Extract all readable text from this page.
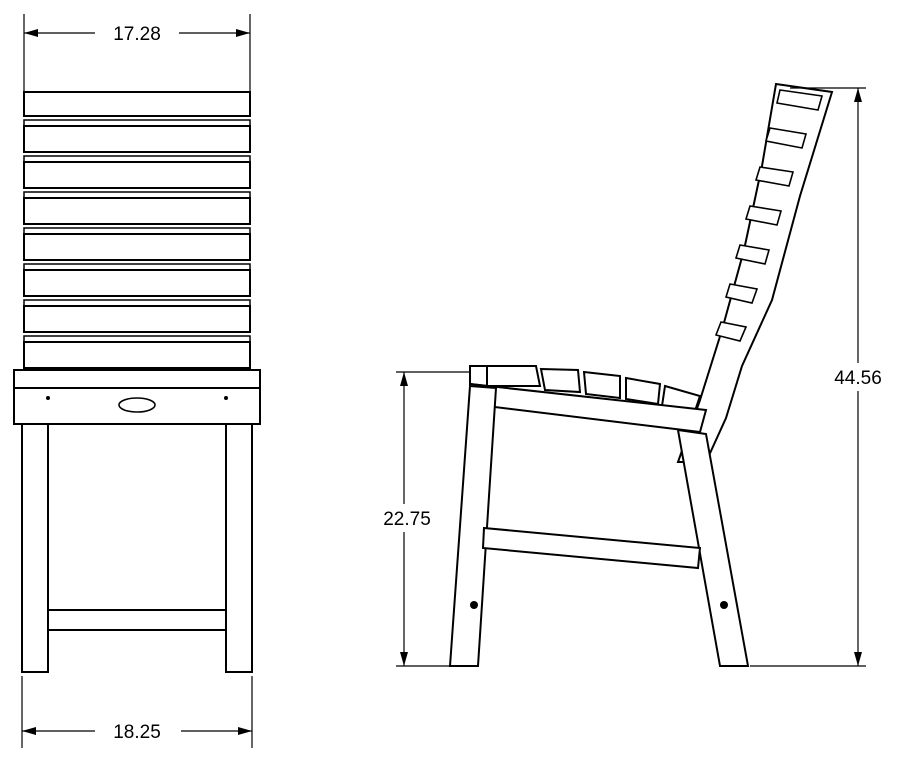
17.28
18.25
22.75
44.56
